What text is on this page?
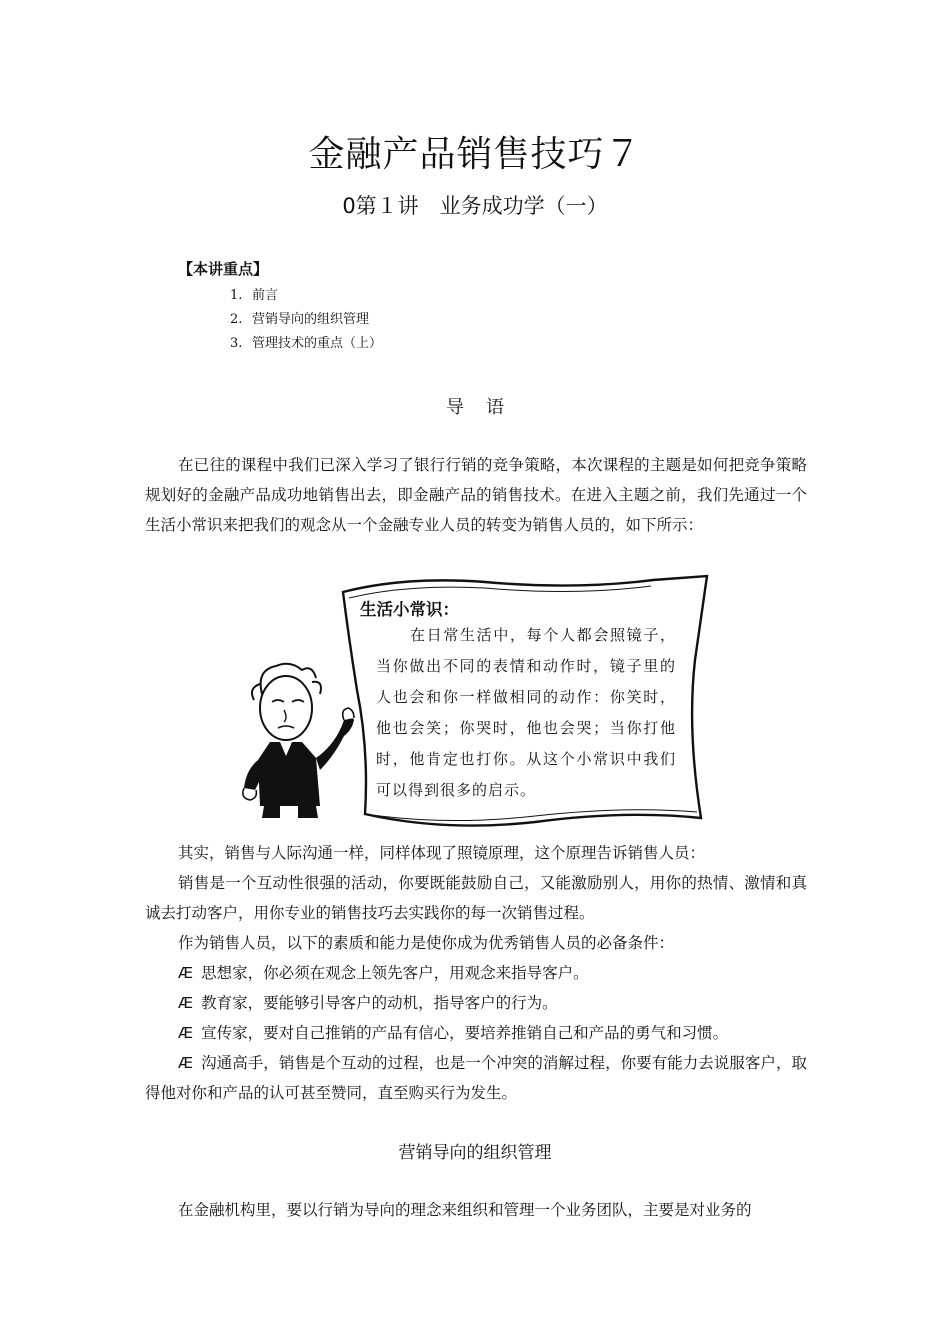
金融产品销售技巧７
0第１讲　业务成功学（一）
【本讲重点】
1. 前言
2. 营销导向的组织管理
3. 管理技术的重点（上）
导语

在已往的课程中我们已深入学习了银行行销的竞争策略，本次课程的主题是如何把竞争策略规划好的金融产品成功地销售出去，即金融产品的销售技术。在进入主题之前，我们先通过一个生活小常识来把我们的观念从一个金融专业人员的转变为销售人员的，如下所示：

生活小常识：

在日常生活中，每个人都会照镜子，当你做出不同的表情和动作时，镜子里的人也会和你一样做相同的动作：你笑时，他也会笑；你哭时，他也会哭；当你打他时，他肯定也打你。从这个小常识中我们可以得到很多的启示。

其实，销售与人际沟通一样，同样体现了照镜原理，这个原理告诉销售人员：

销售是一个互动性很强的活动，你要既能鼓励自己，又能激励别人，用你的热情、激情和真诚去打动客户，用你专业的销售技巧去实践你的每一次销售过程。

作为销售人员，以下的素质和能力是使你成为优秀销售人员的必备条件：

Æ 思想家，你必须在观念上领先客户，用观念来指导客户。

Æ 教育家，要能够引导客户的动机，指导客户的行为。

Æ 宣传家，要对自己推销的产品有信心，要培养推销自己和产品的勇气和习惯。

Æ 沟通高手，销售是个互动的过程，也是一个冲突的消解过程，你要有能力去说服客户，取得他对你和产品的认可甚至赞同，直至购买行为发生。

营销导向的组织管理

在金融机构里，要以行销为导向的理念来组织和管理一个业务团队，主要是对业务的
